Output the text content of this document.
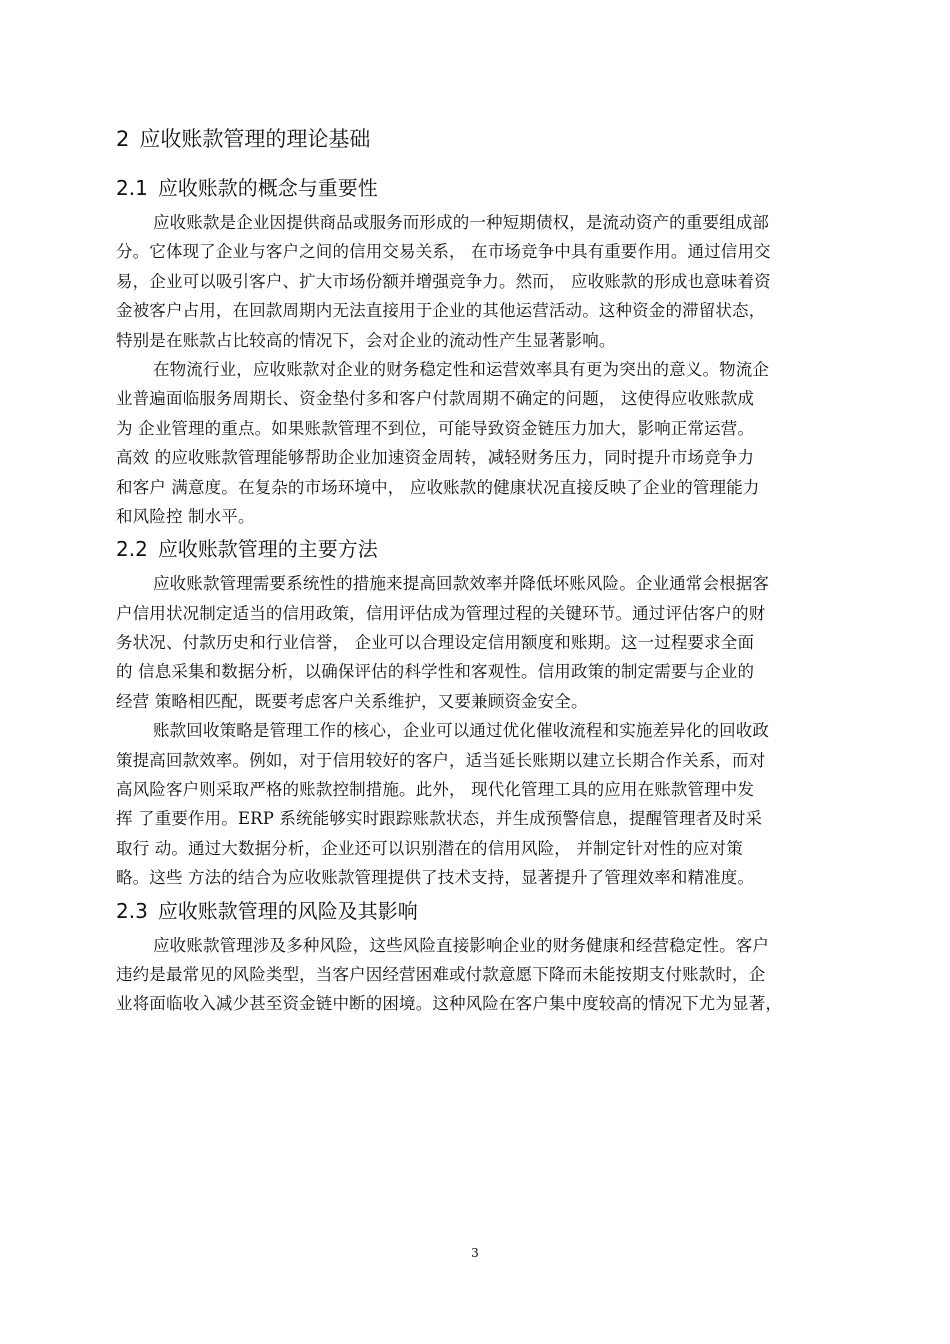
2 应收账款管理的理论基础
2.1 应收账款的概念与重要性
应收账款是企业因提供商品或服务而形成的一种短期债权，是流动资产的重要组成部
分。它体现了企业与客户之间的信用交易关系， 在市场竞争中具有重要作用。通过信用交
易，企业可以吸引客户、扩大市场份额并增强竞争力。然而， 应收账款的形成也意味着资
金被客户占用，在回款周期内无法直接用于企业的其他运营活动。这种资金的滞留状态，
特别是在账款占比较高的情况下，会对企业的流动性产生显著影响。
在物流行业，应收账款对企业的财务稳定性和运营效率具有更为突出的意义。物流企
业普遍面临服务周期长、资金垫付多和客户付款周期不确定的问题， 这使得应收账款成
为 企业管理的重点。如果账款管理不到位，可能导致资金链压力加大，影响正常运营。
高效 的应收账款管理能够帮助企业加速资金周转，减轻财务压力，同时提升市场竞争力
和客户 满意度。在复杂的市场环境中， 应收账款的健康状况直接反映了企业的管理能力
和风险控 制水平。
2.2 应收账款管理的主要方法
应收账款管理需要系统性的措施来提高回款效率并降低坏账风险。企业通常会根据客
户信用状况制定适当的信用政策，信用评估成为管理过程的关键环节。通过评估客户的财
务状况、付款历史和行业信誉， 企业可以合理设定信用额度和账期。这一过程要求全面
的 信息采集和数据分析，以确保评估的科学性和客观性。信用政策的制定需要与企业的
经营 策略相匹配，既要考虑客户关系维护，又要兼顾资金安全。
账款回收策略是管理工作的核心，企业可以通过优化催收流程和实施差异化的回收政
策提高回款效率。例如，对于信用较好的客户，适当延长账期以建立长期合作关系，而对
高风险客户则采取严格的账款控制措施。此外， 现代化管理工具的应用在账款管理中发
挥 了重要作用。ERP 系统能够实时跟踪账款状态，并生成预警信息，提醒管理者及时采
取行 动。通过大数据分析，企业还可以识别潜在的信用风险， 并制定针对性的应对策
略。这些 方法的结合为应收账款管理提供了技术支持，显著提升了管理效率和精准度。
2.3 应收账款管理的风险及其影响
应收账款管理涉及多种风险，这些风险直接影响企业的财务健康和经营稳定性。客户
违约是最常见的风险类型，当客户因经营困难或付款意愿下降而未能按期支付账款时，企
业将面临收入减少甚至资金链中断的困境。这种风险在客户集中度较高的情况下尤为显著，
3
